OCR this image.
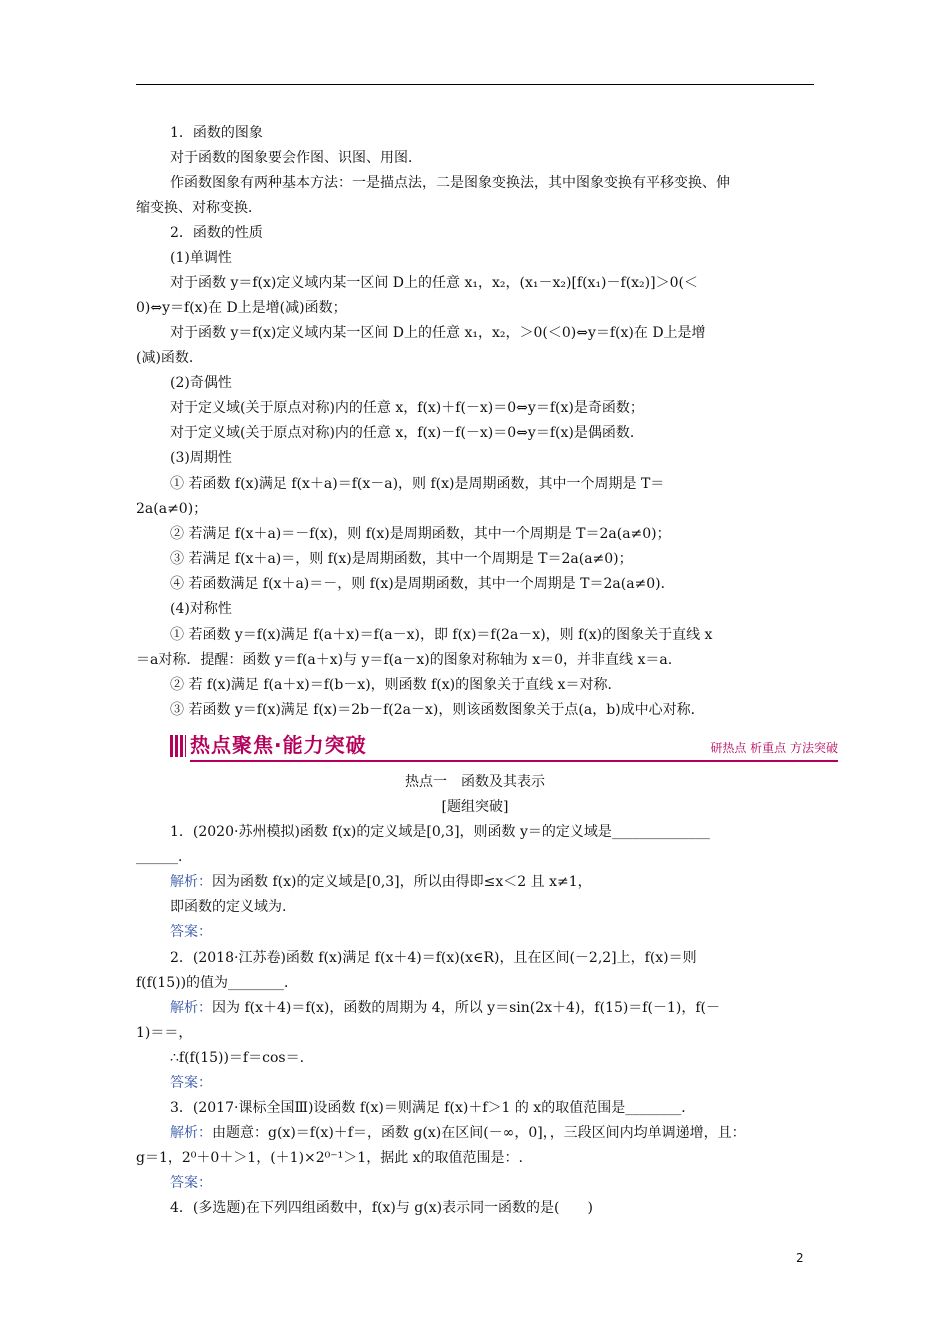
1．函数的图象
对于函数的图象要会作图、识图、用图．
作函数图象有两种基本方法：一是描点法，二是图象变换法，其中图象变换有平移变换、伸
缩变换、对称变换．
2．函数的性质
(1)单调性
对于函数 y＝f(x)定义域内某一区间 D上的任意 x₁，x₂，(x₁－x₂)[f(x₁)－f(x₂)]＞0(＜
0)⇔y＝f(x)在 D上是增(减)函数；
对于函数 y＝f(x)定义域内某一区间 D上的任意 x₁，x₂，＞0(＜0)⇔y＝f(x)在 D上是增
(减)函数．
(2)奇偶性
对于定义域(关于原点对称)内的任意 x，f(x)＋f(－x)＝0⇔y＝f(x)是奇函数；
对于定义域(关于原点对称)内的任意 x，f(x)－f(－x)＝0⇔y＝f(x)是偶函数．
(3)周期性
① 若函数 f(x)满足 f(x＋a)＝f(x－a)，则 f(x)是周期函数，其中一个周期是 T＝
2a(a≠0)；
② 若满足 f(x＋a)＝－f(x)，则 f(x)是周期函数，其中一个周期是 T＝2a(a≠0)；
③ 若满足 f(x＋a)＝，则 f(x)是周期函数，其中一个周期是 T＝2a(a≠0)；
④ 若函数满足 f(x＋a)＝－，则 f(x)是周期函数，其中一个周期是 T＝2a(a≠0)．
(4)对称性
① 若函数 y＝f(x)满足 f(a＋x)＝f(a－x)，即 f(x)＝f(2a－x)，则 f(x)的图象关于直线 x
＝a对称．提醒：函数 y＝f(a＋x)与 y＝f(a－x)的图象对称轴为 x＝0，并非直线 x＝a.
② 若 f(x)满足 f(a＋x)＝f(b－x)，则函数 f(x)的图象关于直线 x＝对称．
③ 若函数 y＝f(x)满足 f(x)＝2b－f(2a－x)，则该函数图象关于点(a，b)成中心对称．
热点聚焦·能力突破	研热点 析重点 方法突破
热点一　函数及其表示
[题组突破]
1．(2020·苏州模拟)函数 f(x)的定义域是[0,3]，则函数 y＝的定义域是______________
______．
解析：因为函数 f(x)的定义域是[0,3]，所以由得即≤x＜2 且 x≠1，
即函数的定义域为.
答案：
2．(2018·江苏卷)函数 f(x)满足 f(x＋4)＝f(x)(x∈R)，且在区间(－2,2]上，f(x)＝则
f(f(15))的值为________．
解析：因为 f(x＋4)＝f(x)，函数的周期为 4，所以 y＝sin(2x＋4)，f(15)＝f(－1)，f(－
1)＝＝，
∴f(f(15))＝f＝cos＝.
答案：
3．(2017·课标全国Ⅲ)设函数 f(x)＝则满足 f(x)＋f＞1 的 x的取值范围是________．
解析：由题意：g(x)＝f(x)＋f＝，函数 g(x)在区间(－∞，0]，，三段区间内均单调递增，且：
g＝1，2⁰＋0＋＞1，(＋1)×2⁰⁻¹＞1，据此 x的取值范围是：.
答案：
4．(多选题)在下列四组函数中，f(x)与 g(x)表示同一函数的是(　　)
2
